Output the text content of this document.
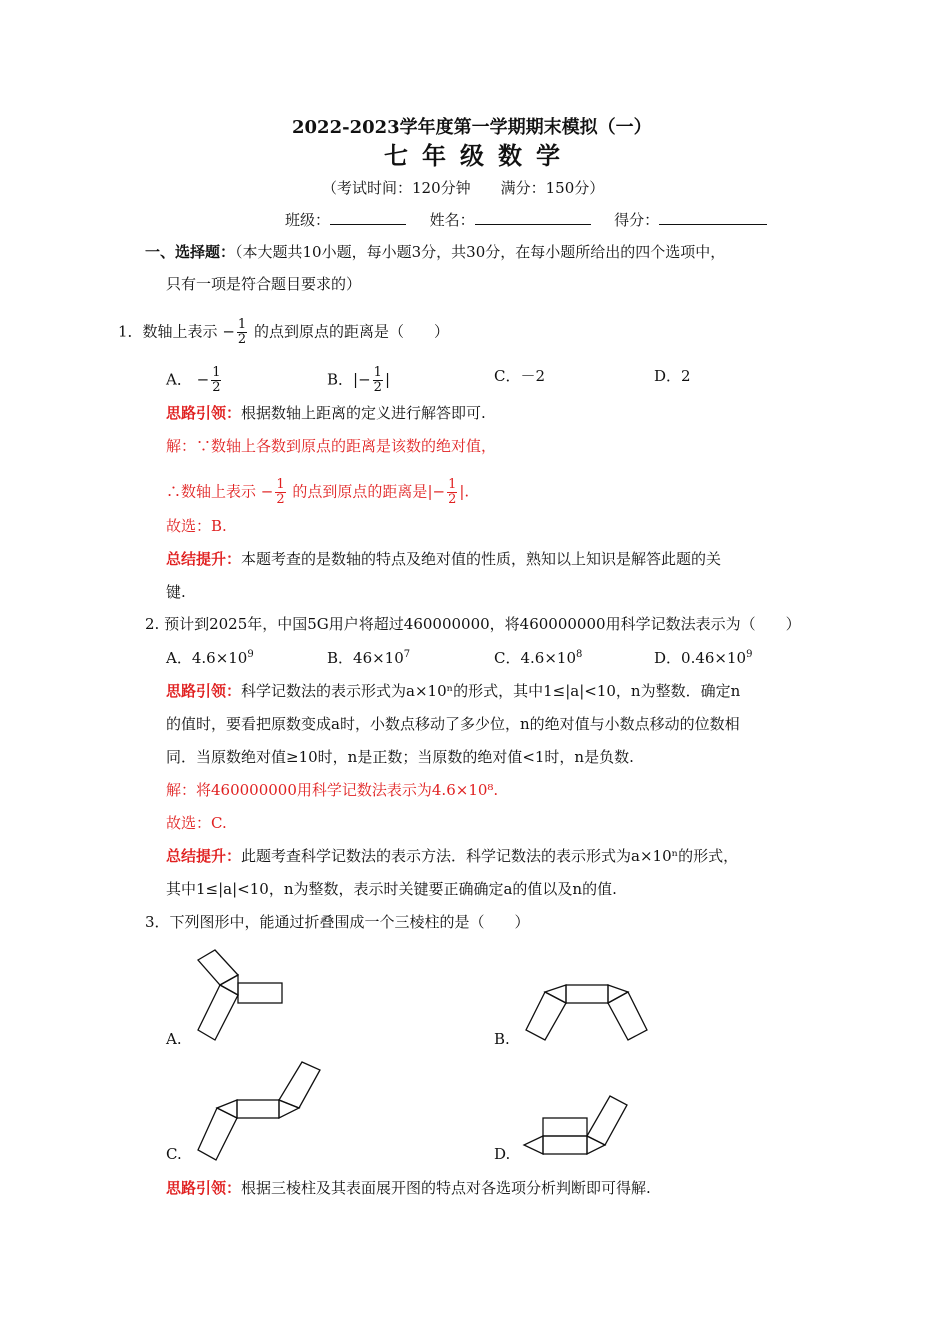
2022-2023学年度第一学期期末模拟（一）
七年级数学
（考试时间：120分钟　　满分：150分）
班级：	姓名：	得分：
一、选择题：（本大题共10小题，每小题3分，共30分，在每小题所给出的四个选项中，
只有一项是符合题目要求的）
1．数轴上表示 − $\frac{1}{2}$ 的点到原点的距离是（　　）
A． − $\frac{1}{2}$	B．|− $\frac{1}{2}$ |	C．－2	D．2
思路引领：根据数轴上距离的定义进行解答即可.
解：∵数轴上各数到原点的距离是该数的绝对值，
∴数轴上表示 − $\frac{1}{2}$ 的点到原点的距离是|− $\frac{1}{2}$ |.
故选：B.
总结提升：本题考查的是数轴的特点及绝对值的性质，熟知以上知识是解答此题的关
键.
2. 预计到2025年，中国5G用户将超过460000000，将460000000用科学记数法表示为（　　）
A．$4.6\times 10^9$	B．$46\times 10^7$	C．$4.6\times 10^8$	D．$0.46\times 10^9$
思路引领：科学记数法的表示形式为a×10ⁿ的形式，其中1≤|a|<10，n为整数．确定n
的值时，要看把原数变成a时，小数点移动了多少位，n的绝对值与小数点移动的位数相
同．当原数绝对值≥10时，n是正数；当原数的绝对值<1时，n是负数.
解：将460000000用科学记数法表示为4.6×10⁸.
故选：C.
总结提升：此题考查科学记数法的表示方法．科学记数法的表示形式为a×10ⁿ的形式，
其中1≤|a|<10，n为整数，表示时关键要正确确定a的值以及n的值.
3．下列图形中，能通过折叠围成一个三棱柱的是（　　）
A.	B.
C.	D.
思路引领：根据三棱柱及其表面展开图的特点对各选项分析判断即可得解.
